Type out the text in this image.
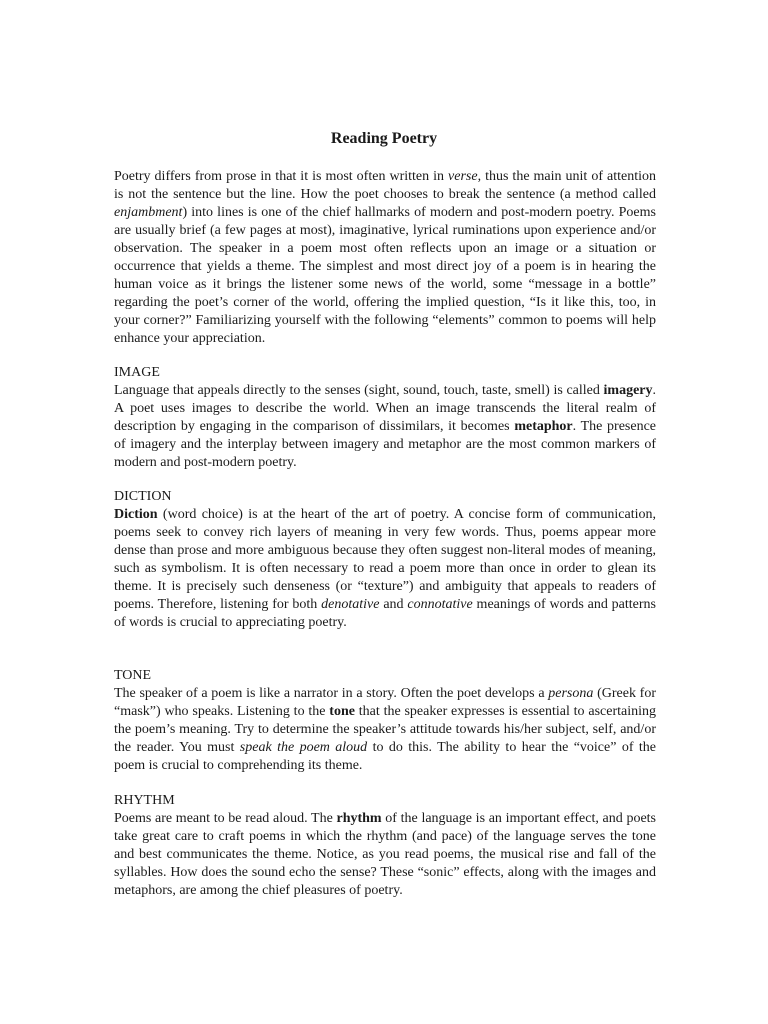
Reading Poetry

Poetry differs from prose in that it is most often written in verse, thus the main unit of attention is not the sentence but the line. How the poet chooses to break the sentence (a method called enjambment) into lines is one of the chief hallmarks of modern and post-modern poetry. Poems are usually brief (a few pages at most), imaginative, lyrical ruminations upon experience and/or observation. The speaker in a poem most often reflects upon an image or a situation or occurrence that yields a theme. The simplest and most direct joy of a poem is in hearing the human voice as it brings the listener some news of the world, some “message in a bottle” regarding the poet’s corner of the world, offering the implied question, “Is it like this, too, in your corner?” Familiarizing yourself with the following “elements” common to poems will help enhance your appreciation.

IMAGE

Language that appeals directly to the senses (sight, sound, touch, taste, smell) is called imagery. A poet uses images to describe the world. When an image transcends the literal realm of description by engaging in the comparison of dissimilars, it becomes metaphor. The presence of imagery and the interplay between imagery and metaphor are the most common markers of modern and post-modern poetry.

DICTION

Diction (word choice) is at the heart of the art of poetry. A concise form of communication, poems seek to convey rich layers of meaning in very few words. Thus, poems appear more dense than prose and more ambiguous because they often suggest non-literal modes of meaning, such as symbolism. It is often necessary to read a poem more than once in order to glean its theme. It is precisely such denseness (or “texture”) and ambiguity that appeals to readers of poems. Therefore, listening for both denotative and connotative meanings of words and patterns of words is crucial to appreciating poetry.

TONE

The speaker of a poem is like a narrator in a story. Often the poet develops a persona (Greek for “mask”) who speaks. Listening to the tone that the speaker expresses is essential to ascertaining the poem’s meaning. Try to determine the speaker’s attitude towards his/her subject, self, and/or the reader. You must speak the poem aloud to do this. The ability to hear the “voice” of the poem is crucial to comprehending its theme.

RHYTHM

Poems are meant to be read aloud. The rhythm of the language is an important effect, and poets take great care to craft poems in which the rhythm (and pace) of the language serves the tone and best communicates the theme. Notice, as you read poems, the musical rise and fall of the syllables. How does the sound echo the sense? These “sonic” effects, along with the images and metaphors, are among the chief pleasures of poetry.
